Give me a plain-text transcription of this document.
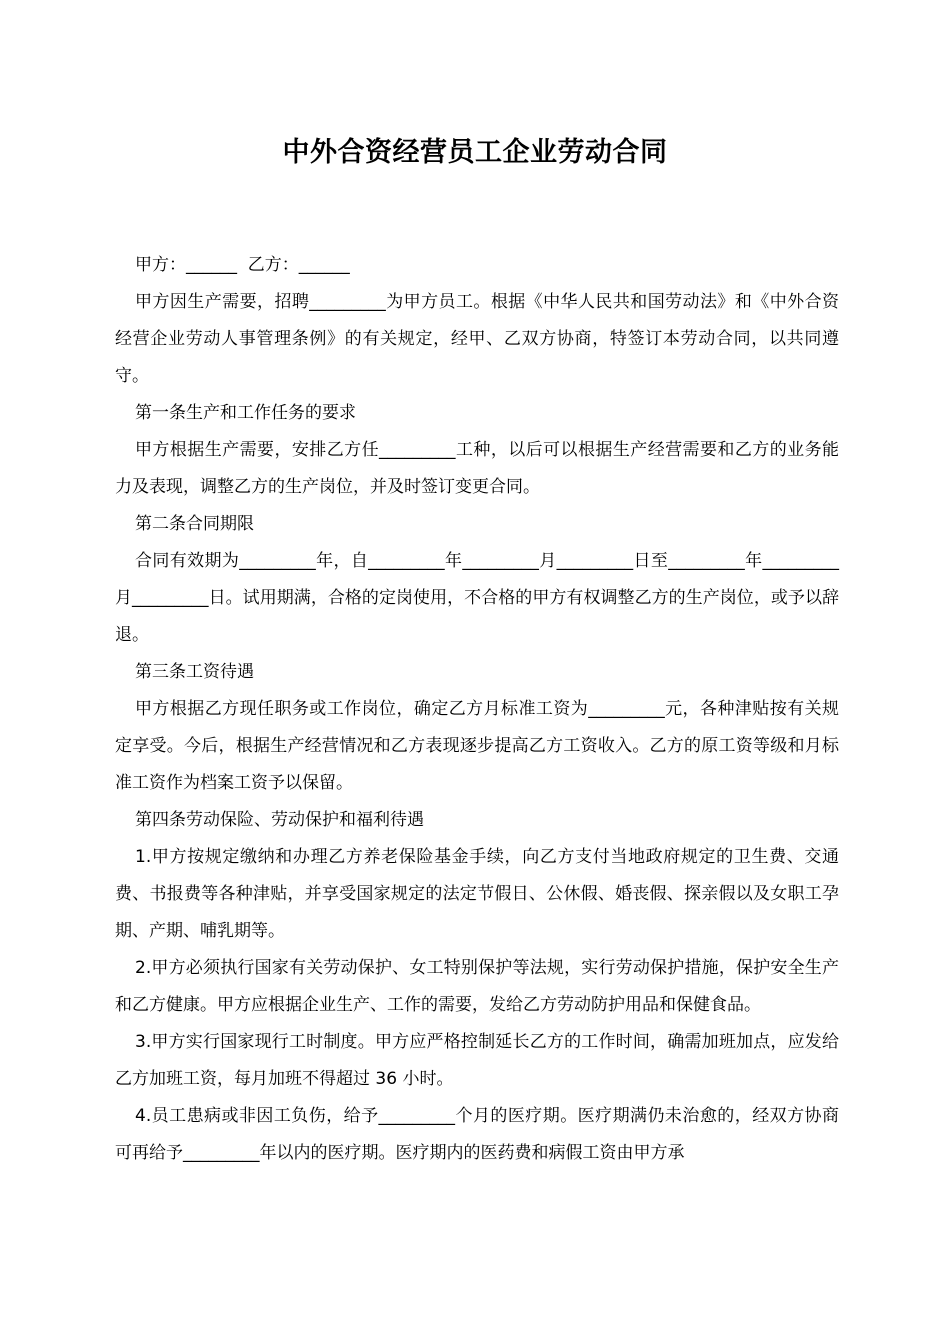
中外合资经营员工企业劳动合同

甲方：______  乙方：______

甲方因生产需要，招聘_________为甲方员工。根据《中华人民共和国劳动法》和《中外合资经营企业劳动人事管理条例》的有关规定，经甲、乙双方协商，特签订本劳动合同，以共同遵守。

第一条生产和工作任务的要求

甲方根据生产需要，安排乙方任_________工种，以后可以根据生产经营需要和乙方的业务能力及表现，调整乙方的生产岗位，并及时签订变更合同。

第二条合同期限

合同有效期为_________年，自_________年_________月_________日至_________年_________月_________日。试用期满，合格的定岗使用，不合格的甲方有权调整乙方的生产岗位，或予以辞退。

第三条工资待遇

甲方根据乙方现任职务或工作岗位，确定乙方月标准工资为_________元，各种津贴按有关规定享受。今后，根据生产经营情况和乙方表现逐步提高乙方工资收入。乙方的原工资等级和月标准工资作为档案工资予以保留。

第四条劳动保险、劳动保护和福利待遇

1.甲方按规定缴纳和办理乙方养老保险基金手续，向乙方支付当地政府规定的卫生费、交通费、书报费等各种津贴，并享受国家规定的法定节假日、公休假、婚丧假、探亲假以及女职工孕期、产期、哺乳期等。

2.甲方必须执行国家有关劳动保护、女工特别保护等法规，实行劳动保护措施，保护安全生产和乙方健康。甲方应根据企业生产、工作的需要，发给乙方劳动防护用品和保健食品。

3.甲方实行国家现行工时制度。甲方应严格控制延长乙方的工作时间，确需加班加点，应发给乙方加班工资，每月加班不得超过 36 小时。

4.员工患病或非因工负伤，给予_________个月的医疗期。医疗期满仍未治愈的，经双方协商可再给予_________年以内的医疗期。医疗期内的医药费和病假工资由甲方承
